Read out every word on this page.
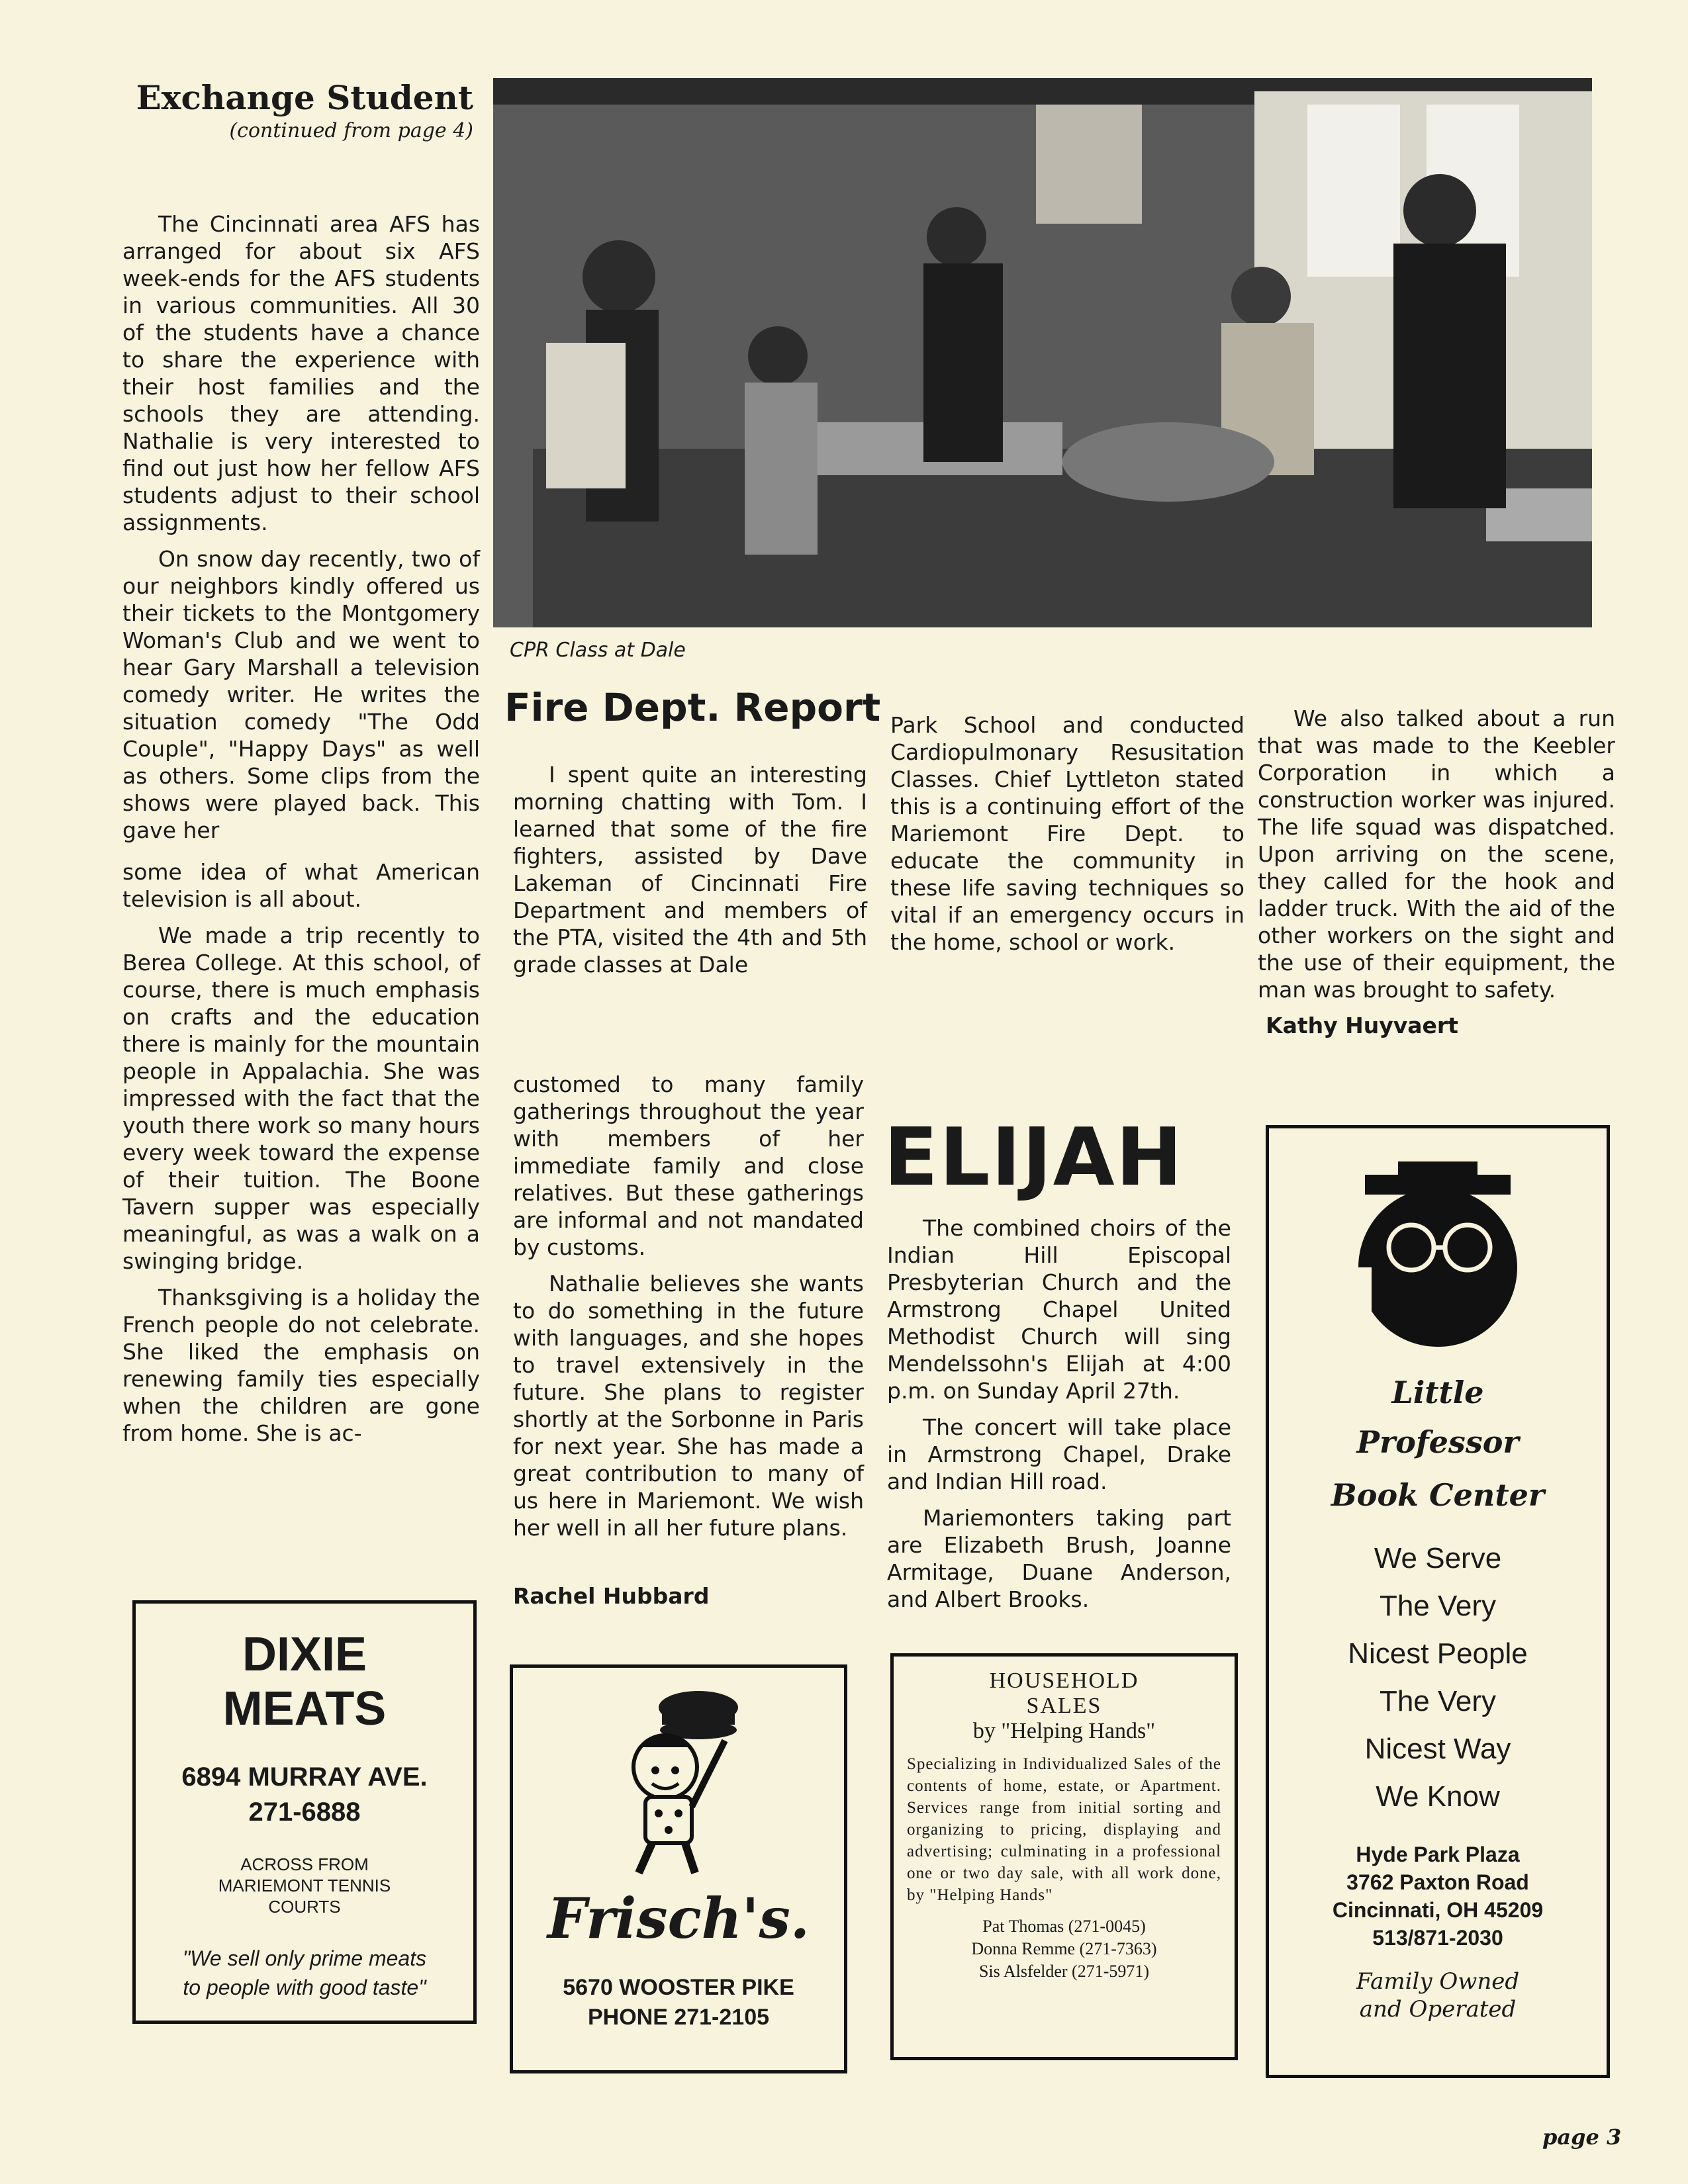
Exchange Student
(continued from page 4)

The Cincinnati area AFS has arranged for about six AFS week-ends for the AFS students in various communities. All 30 of the students have a chance to share the experience with their host families and the schools they are attending. Nathalie is very interested to find out just how her fellow AFS students adjust to their school assignments.

On snow day recently, two of our neighbors kindly offered us their tickets to the Montgomery Woman's Club and we went to hear Gary Marshall a television comedy writer. He writes the situation comedy "The Odd Couple", "Happy Days" as well as others. Some clips from the shows were played back. This gave her

some idea of what American television is all about.

We made a trip recently to Berea College. At this school, of course, there is much emphasis on crafts and the education there is mainly for the mountain people in Appalachia. She was impressed with the fact that the youth there work so many hours every week toward the expense of their tuition. The Boone Tavern supper was especially meaningful, as was a walk on a swinging bridge.

Thanksgiving is a holiday the French people do not celebrate. She liked the emphasis on renewing family ties especially when the children are gone from home. She is ac-

CPR Class at Dale
Fire Dept. Report

I spent quite an interesting morning chatting with Tom. I learned that some of the fire fighters, assisted by Dave Lakeman of Cincinnati Fire Department and members of the PTA, visited the 4th and 5th grade classes at Dale

Park School and conducted Cardiopulmonary Resusitation Classes. Chief Lyttleton stated this is a continuing effort of the Mariemont Fire Dept. to educate the community in these life saving techniques so vital if an emergency occurs in the home, school or work.

We also talked about a run that was made to the Keebler Corporation in which a construction worker was injured. The life squad was dispatched. Upon arriving on the scene, they called for the hook and ladder truck. With the aid of the other workers on the sight and the use of their equipment, the man was brought to safety.

Kathy Huyvaert

customed to many family gatherings throughout the year with members of her immediate family and close relatives. But these gatherings are informal and not mandated by customs.

Nathalie believes she wants to do something in the future with languages, and she hopes to travel extensively in the future. She plans to register shortly at the Sorbonne in Paris for next year. She has made a great contribution to many of us here in Mariemont. We wish her well in all her future plans.

Rachel Hubbard
ELIJAH

The combined choirs of the Indian Hill Episcopal Presbyterian Church and the Armstrong Chapel United Methodist Church will sing Mendelssohn's Elijah at 4:00 p.m. on Sunday April 27th.

The concert will take place in Armstrong Chapel, Drake and Indian Hill road.

Mariemonters taking part are Elizabeth Brush, Joanne Armitage, Duane Anderson, and Albert Brooks.

DIXIE MEATS
6894 MURRAY AVE.
271-6888
ACROSS FROM MARIEMONT TENNIS COURTS
"We sell only prime meats to people with good taste"
Frisch's.
5670 WOOSTER PIKE
PHONE 271-2105
HOUSEHOLD
SALES
by "Helping Hands"
Specializing in Individualized Sales of the contents of home, estate, or Apartment. Services range from initial sorting and organizing to pricing, displaying and advertising; culminating in a professional one or two day sale, with all work done, by "Helping Hands"
Pat Thomas (271-0045)
Donna Remme (271-7363)
Sis Alsfelder (271-5971)
Little
Professor
Book Center
We Serve
The Very
Nicest People
The Very
Nicest Way
We Know
Hyde Park Plaza
3762 Paxton Road
Cincinnati, OH 45209
513/871-2030
Family Owned
and Operated
page 3
